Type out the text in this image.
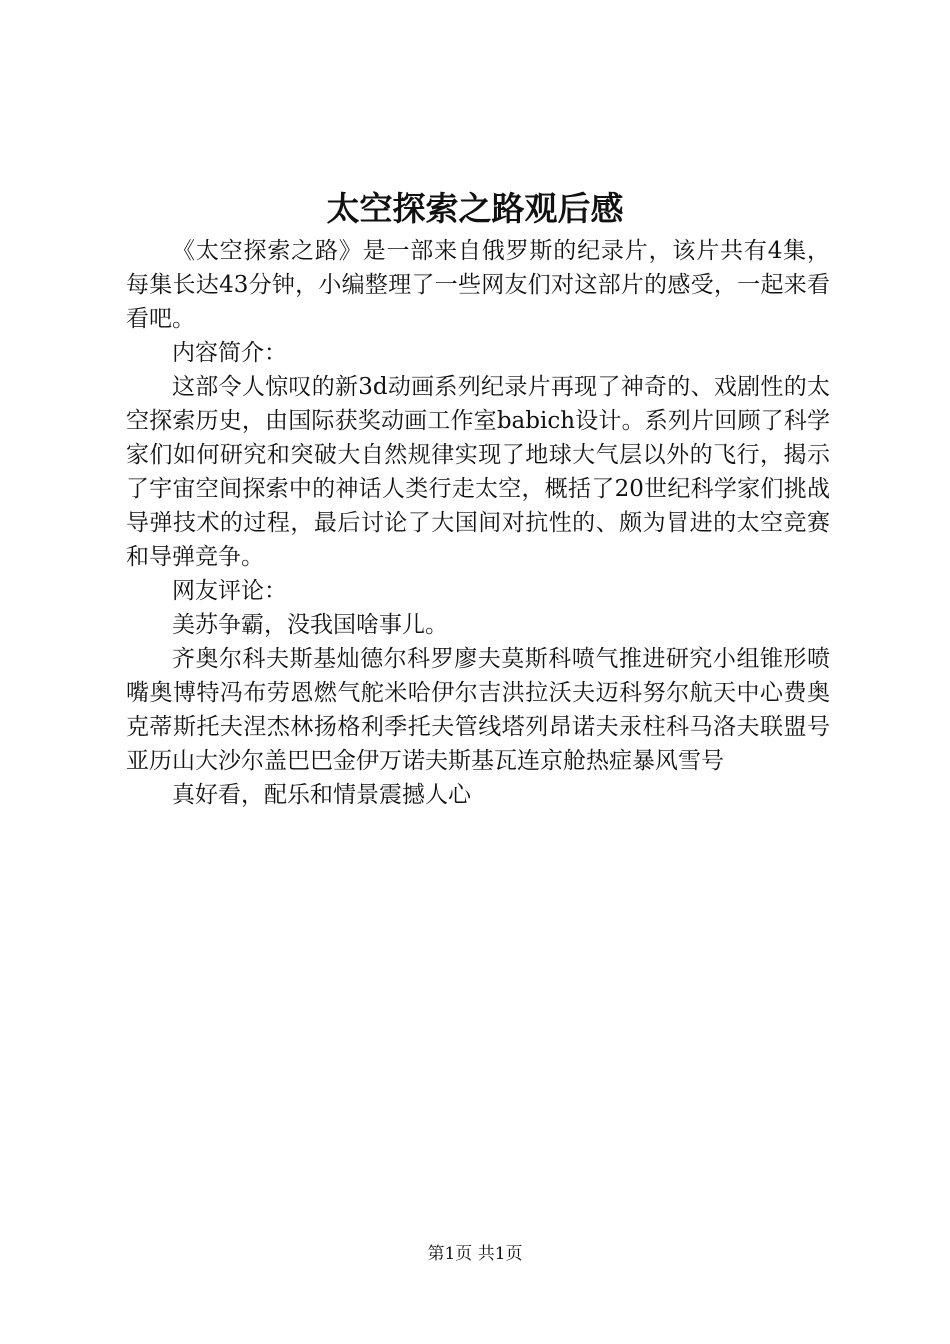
太空探索之路观后感

《太空探索之路》是一部来自俄罗斯的纪录片，该片共有4集，每集长达43分钟，小编整理了一些网友们对这部片的感受，一起来看看吧。

内容简介：

这部令人惊叹的新3d动画系列纪录片再现了神奇的、戏剧性的太空探索历史，由国际获奖动画工作室babich设计。系列片回顾了科学家们如何研究和突破大自然规律实现了地球大气层以外的飞行，揭示了宇宙空间探索中的神话人类行走太空，概括了20世纪科学家们挑战导弹技术的过程，最后讨论了大国间对抗性的、颇为冒进的太空竞赛和导弹竞争。

网友评论：

美苏争霸，没我国啥事儿。

齐奥尔科夫斯基灿德尔科罗廖夫莫斯科喷气推进研究小组锥形喷嘴奥博特冯布劳恩燃气舵米哈伊尔吉洪拉沃夫迈科努尔航天中心费奥克蒂斯托夫涅杰林扬格利季托夫管线塔列昂诺夫汞柱科马洛夫联盟号亚历山大沙尔盖巴巴金伊万诺夫斯基瓦连京舱热症暴风雪号

真好看，配乐和情景震撼人心

第1页 共1页
